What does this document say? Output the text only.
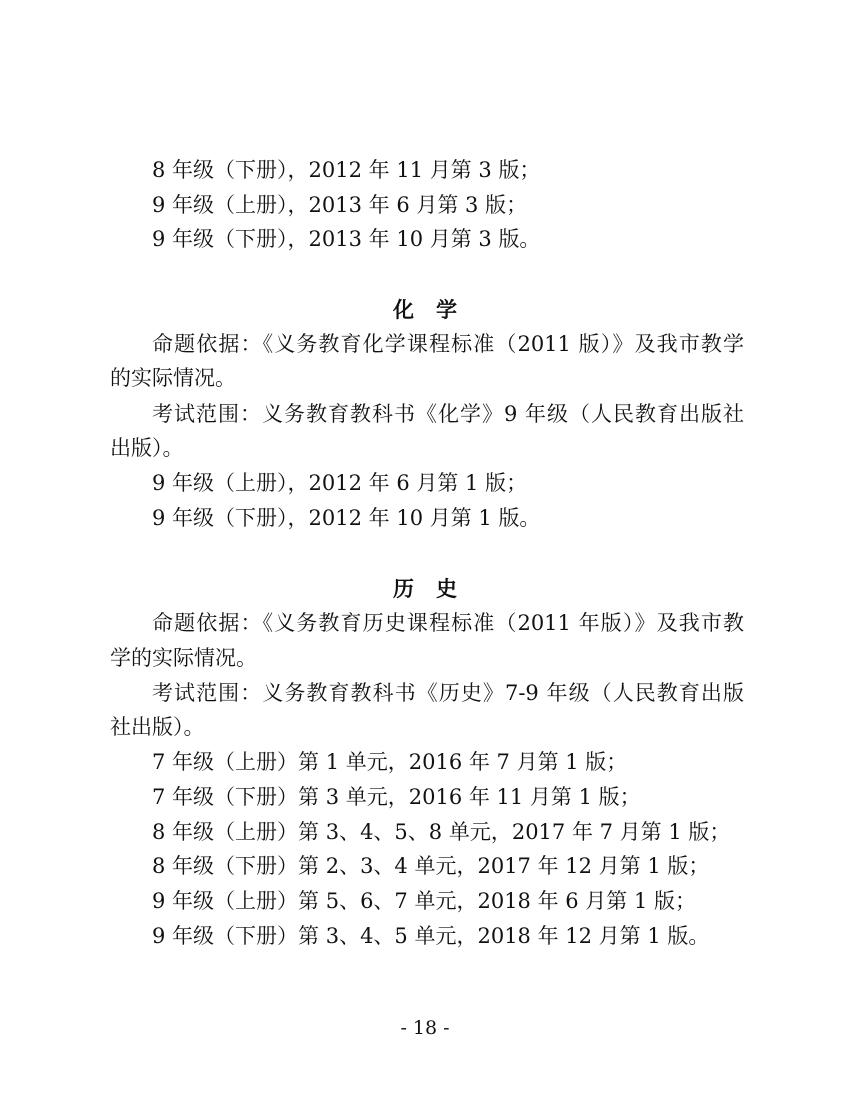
8 年级（下册），2012 年 11 月第 3 版；
9 年级（上册），2013 年 6 月第 3 版；
9 年级（下册），2013 年 10 月第 3 版。
化学
命题依据：《义务教育化学课程标准（2011 版）》及我市教学
的实际情况。
考试范围：义务教育教科书《化学》9 年级（人民教育出版社
出版）。
9 年级（上册），2012 年 6 月第 1 版；
9 年级（下册），2012 年 10 月第 1 版。
历史
命题依据：《义务教育历史课程标准（2011 年版）》及我市教
学的实际情况。
考试范围：义务教育教科书《历史》7-9 年级（人民教育出版
社出版）。
7 年级（上册）第 1 单元，2016 年 7 月第 1 版；
7 年级（下册）第 3 单元，2016 年 11 月第 1 版；
8 年级（上册）第 3、4、5、8 单元，2017 年 7 月第 1 版；
8 年级（下册）第 2、3、4 单元，2017 年 12 月第 1 版；
9 年级（上册）第 5、6、7 单元，2018 年 6 月第 1 版；
9 年级（下册）第 3、4、5 单元，2018 年 12 月第 1 版。
- 18 -
